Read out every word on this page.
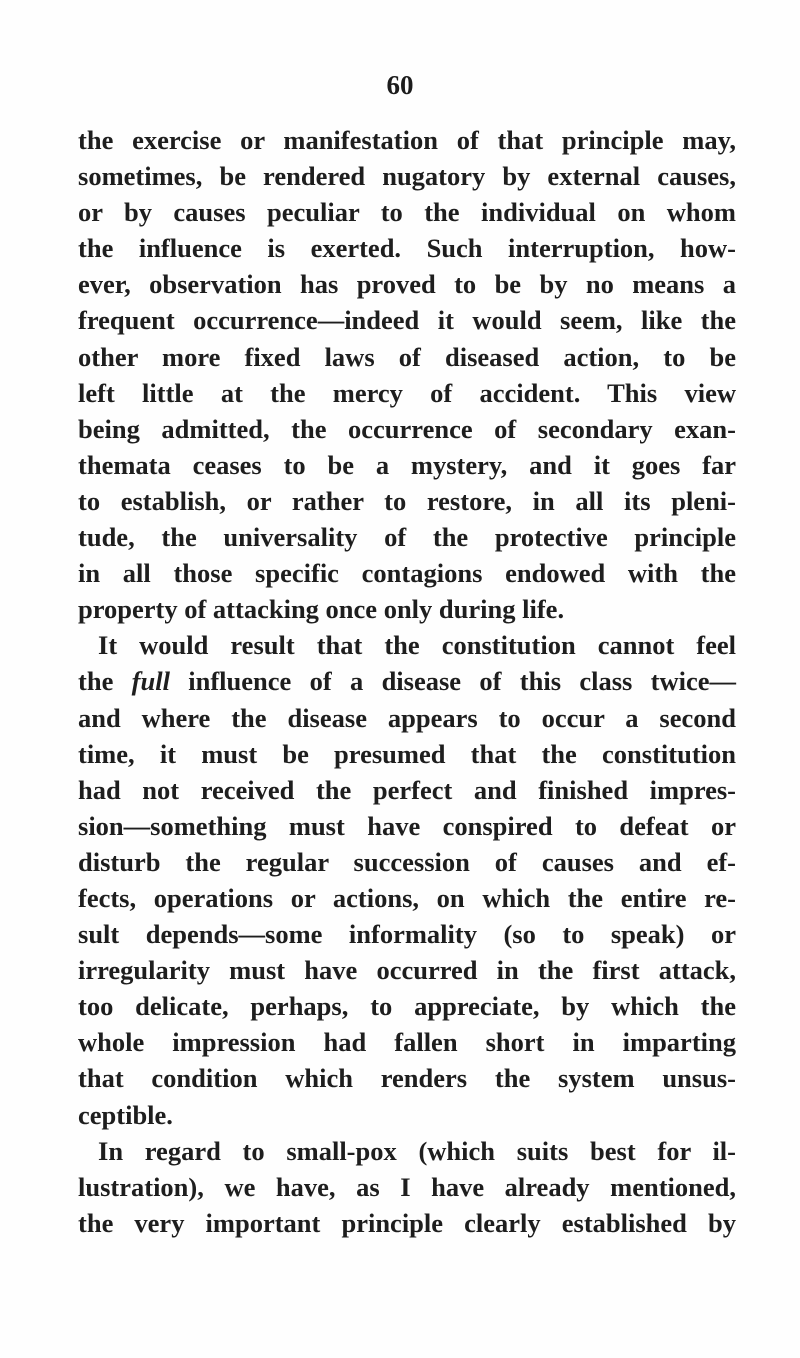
60
the exercise or manifestation of that principle may,
sometimes, be rendered nugatory by external causes,
or by causes peculiar to the individual on whom
the influence is exerted. Such interruption, how-
ever, observation has proved to be by no means a
frequent occurrence—indeed it would seem, like the
other more fixed laws of diseased action, to be
left little at the mercy of accident. This view
being admitted, the occurrence of secondary exan-
themata ceases to be a mystery, and it goes far
to establish, or rather to restore, in all its pleni-
tude, the universality of the protective principle
in all those specific contagions endowed with the
property of attacking once only during life.
It would result that the constitution cannot feel
the full influence of a disease of this class twice—
and where the disease appears to occur a second
time, it must be presumed that the constitution
had not received the perfect and finished impres-
sion—something must have conspired to defeat or
disturb the regular succession of causes and ef-
fects, operations or actions, on which the entire re-
sult depends—some informality (so to speak) or
irregularity must have occurred in the first attack,
too delicate, perhaps, to appreciate, by which the
whole impression had fallen short in imparting
that condition which renders the system unsus-
ceptible.
In regard to small-pox (which suits best for il-
lustration), we have, as I have already mentioned,
the very important principle clearly established by
